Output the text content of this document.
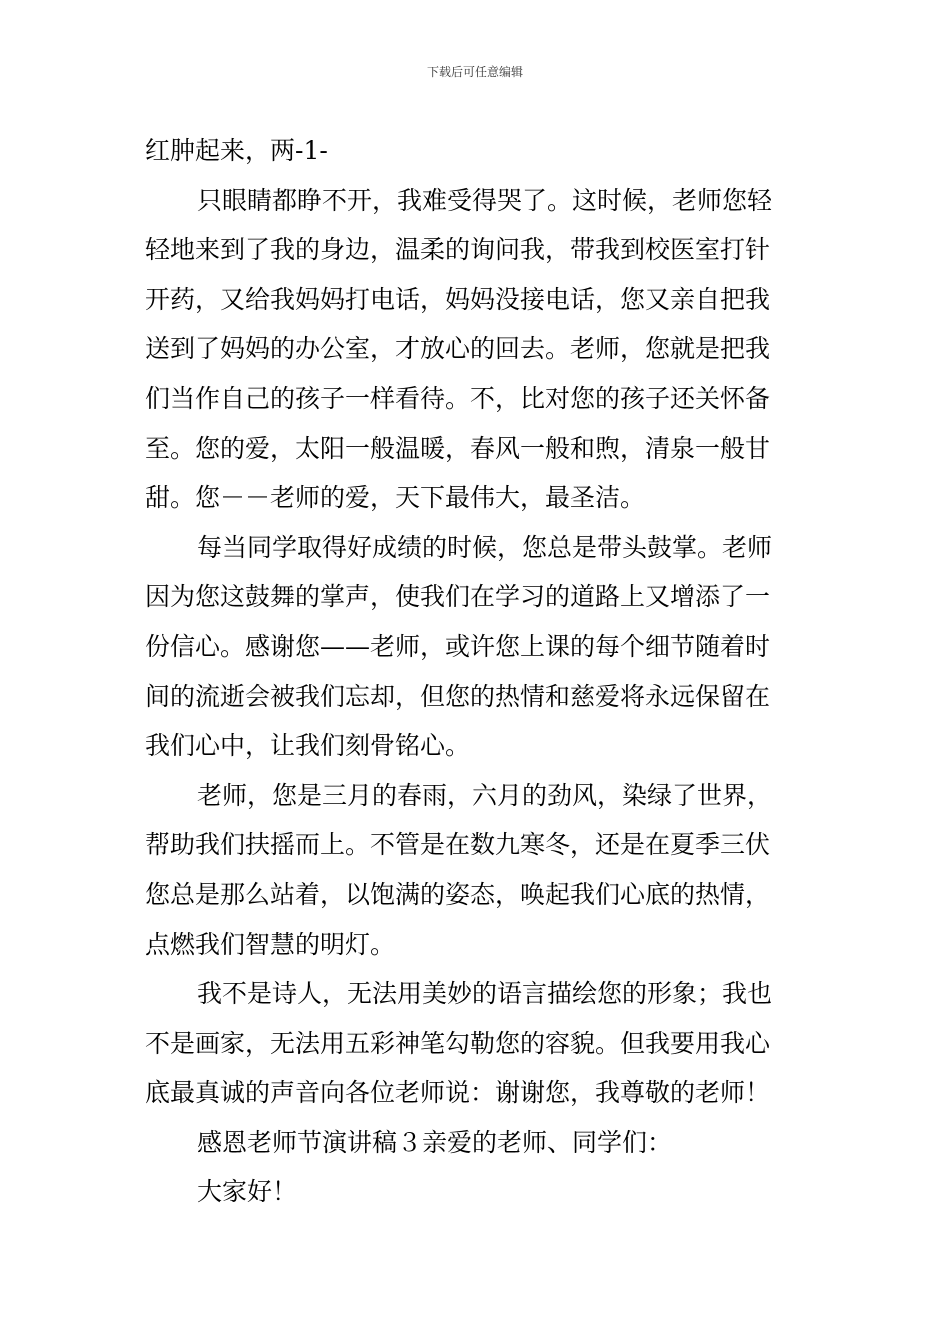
下载后可任意编辑
红肿起来，两-1-
只眼睛都睁不开，我难受得哭了。这时候，老师您轻
轻地来到了我的身边，温柔的询问我，带我到校医室打针
开药，又给我妈妈打电话，妈妈没接电话，您又亲自把我
送到了妈妈的办公室，才放心的回去。老师，您就是把我
们当作自己的孩子一样看待。不，比对您的孩子还关怀备
至。您的爱，太阳一般温暖，春风一般和煦，清泉一般甘
甜。您－－老师的爱，天下最伟大，最圣洁。
每当同学取得好成绩的时候，您总是带头鼓掌。老师
因为您这鼓舞的掌声，使我们在学习的道路上又增添了一
份信心。感谢您——老师，或许您上课的每个细节随着时
间的流逝会被我们忘却，但您的热情和慈爱将永远保留在
我们心中，让我们刻骨铭心。
老师，您是三月的春雨，六月的劲风，染绿了世界，
帮助我们扶摇而上。不管是在数九寒冬，还是在夏季三伏
您总是那么站着，以饱满的姿态，唤起我们心底的热情，
点燃我们智慧的明灯。
我不是诗人，无法用美妙的语言描绘您的形象；我也
不是画家，无法用五彩神笔勾勒您的容貌。但我要用我心
底最真诚的声音向各位老师说：谢谢您，我尊敬的老师！
感恩老师节演讲稿３亲爱的老师、同学们：
大家好！
